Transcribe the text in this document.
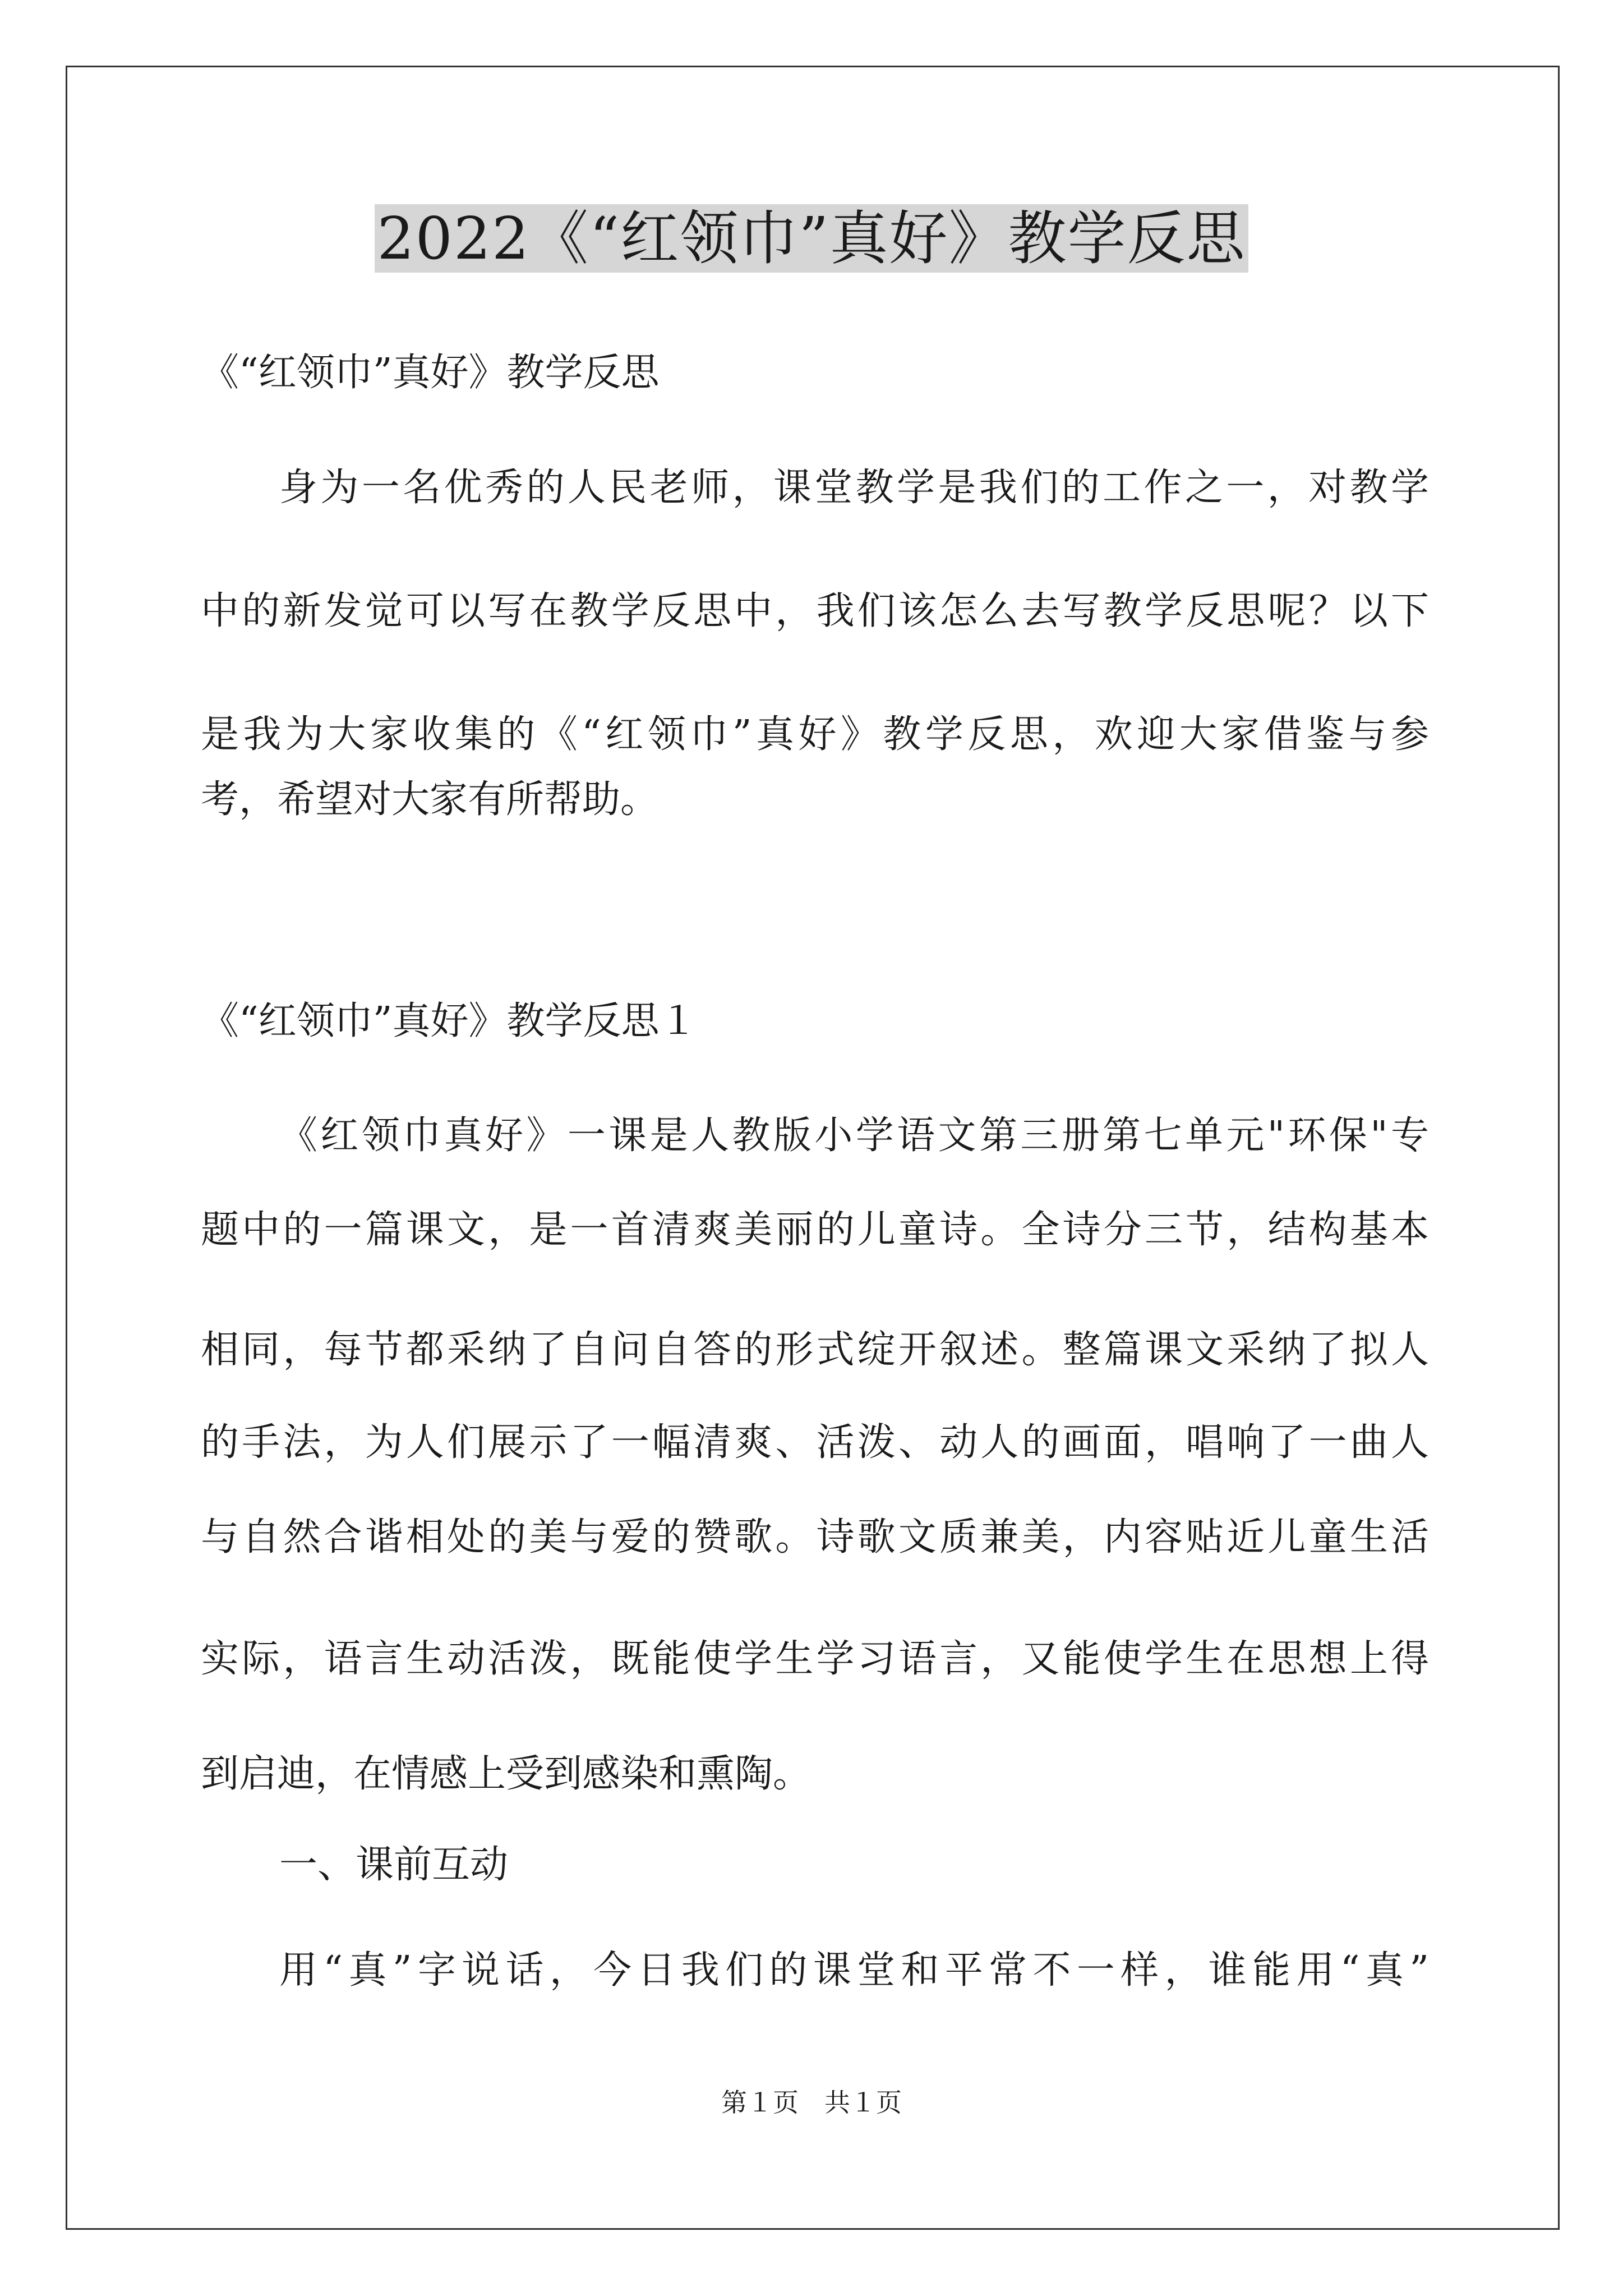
2022《“红领巾”真好》教学反思

《“红领巾”真好》教学反思

身为一名优秀的人民老师，课堂教学是我们的工作之一，对教学

中的新发觉可以写在教学反思中，我们该怎么去写教学反思呢？以下

是我为大家收集的《“红领巾”真好》教学反思，欢迎大家借鉴与参

考，希望对大家有所帮助。

《“红领巾”真好》教学反思１

《红领巾真好》一课是人教版小学语文第三册第七单元"环保"专

题中的一篇课文，是一首清爽美丽的儿童诗。全诗分三节，结构基本

相同，每节都采纳了自问自答的形式绽开叙述。整篇课文采纳了拟人

的手法，为人们展示了一幅清爽、活泼、动人的画面，唱响了一曲人

与自然合谐相处的美与爱的赞歌。诗歌文质兼美，内容贴近儿童生活

实际，语言生动活泼，既能使学生学习语言，又能使学生在思想上得

到启迪，在情感上受到感染和熏陶。

一、课前互动

用“真”字说话，今日我们的课堂和平常不一样，谁能用“真”

第１页　共１页
